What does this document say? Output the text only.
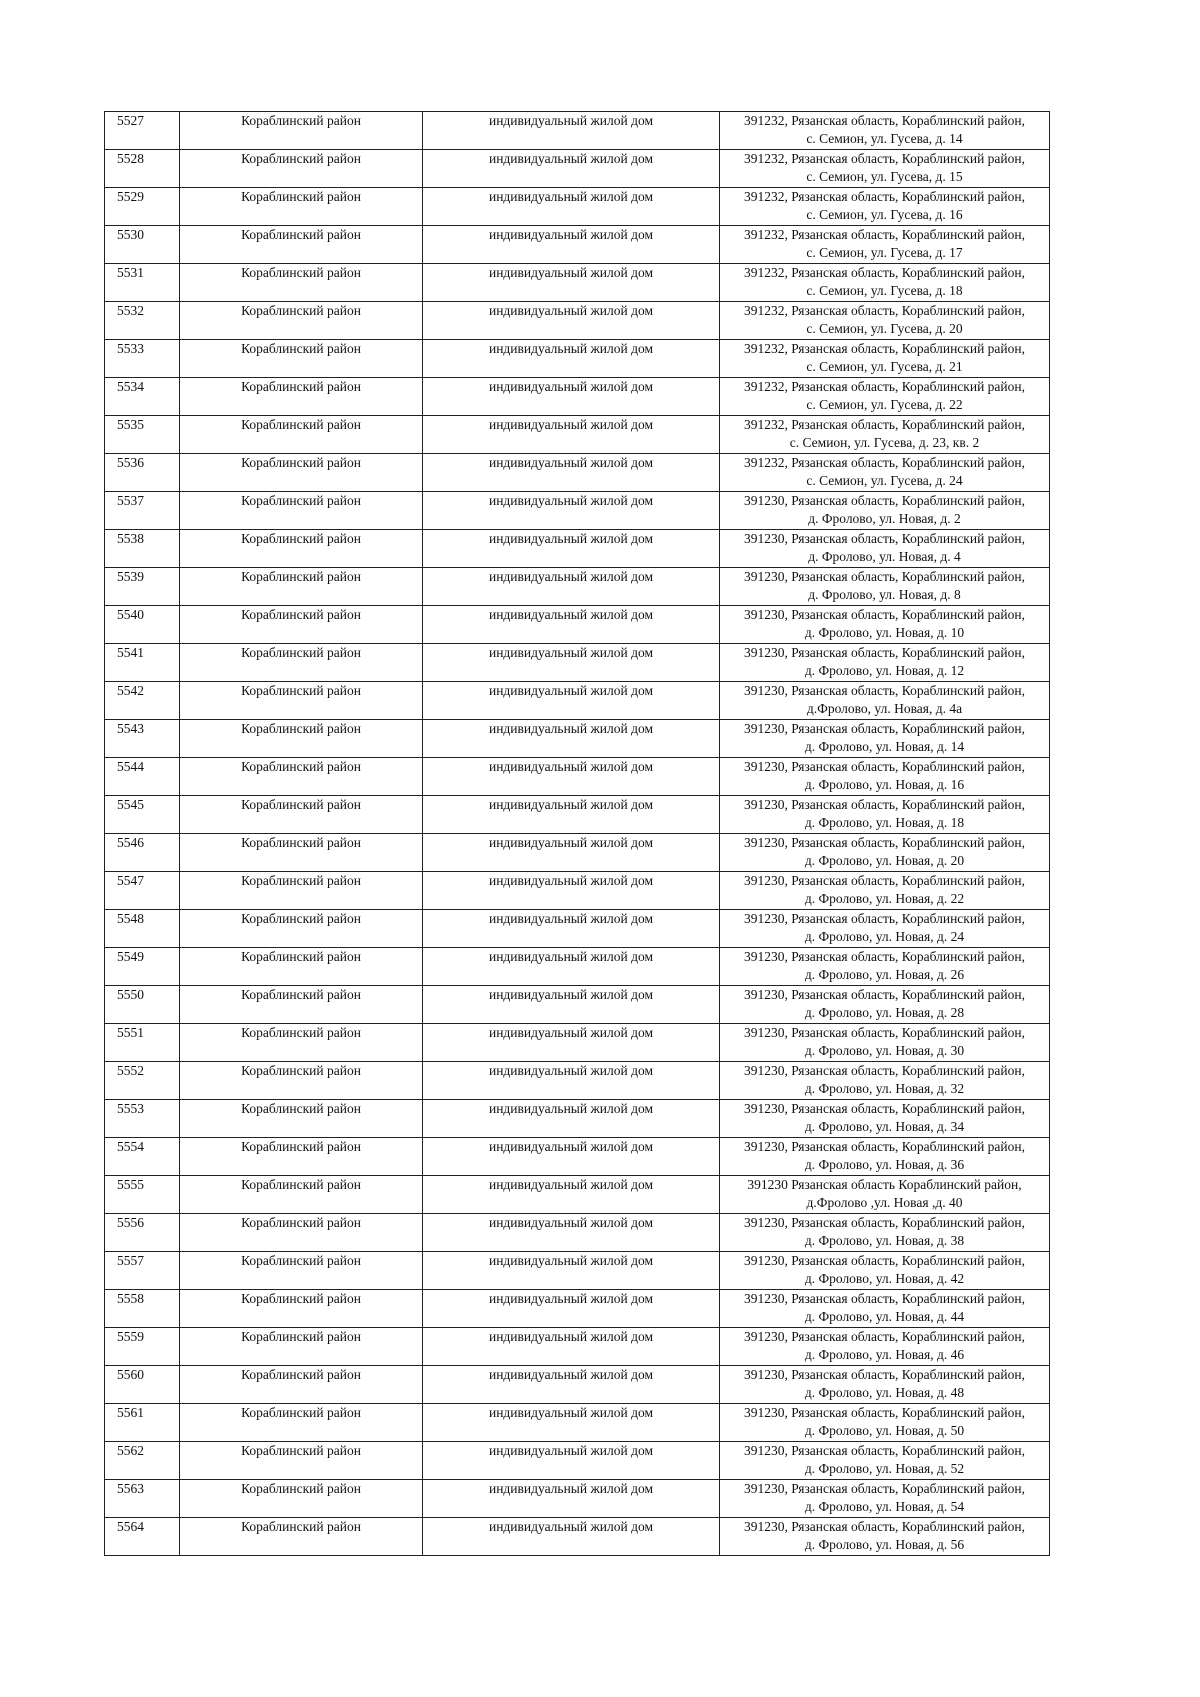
5527	Кораблинский район	индивидуальный жилой дом	391232, Рязанская область, Кораблинский район,
с. Семион, ул. Гусева, д. 14

5528	Кораблинский район	индивидуальный жилой дом	391232, Рязанская область, Кораблинский район,
с. Семион, ул. Гусева, д. 15

5529	Кораблинский район	индивидуальный жилой дом	391232, Рязанская область, Кораблинский район,
с. Семион, ул. Гусева, д. 16

5530	Кораблинский район	индивидуальный жилой дом	391232, Рязанская область, Кораблинский район,
с. Семион, ул. Гусева, д. 17

5531	Кораблинский район	индивидуальный жилой дом	391232, Рязанская область, Кораблинский район,
с. Семион, ул. Гусева, д. 18

5532	Кораблинский район	индивидуальный жилой дом	391232, Рязанская область, Кораблинский район,
с. Семион, ул. Гусева, д. 20

5533	Кораблинский район	индивидуальный жилой дом	391232, Рязанская область, Кораблинский район,
с. Семион, ул. Гусева, д. 21

5534	Кораблинский район	индивидуальный жилой дом	391232, Рязанская область, Кораблинский район,
с. Семион, ул. Гусева, д. 22

5535	Кораблинский район	индивидуальный жилой дом	391232, Рязанская область, Кораблинский район,
с. Семион, ул. Гусева, д. 23, кв. 2

5536	Кораблинский район	индивидуальный жилой дом	391232, Рязанская область, Кораблинский район,
с. Семион, ул. Гусева, д. 24

5537	Кораблинский район	индивидуальный жилой дом	391230, Рязанская область, Кораблинский район,
д. Фролово, ул. Новая, д. 2

5538	Кораблинский район	индивидуальный жилой дом	391230, Рязанская область, Кораблинский район,
д. Фролово, ул. Новая, д. 4

5539	Кораблинский район	индивидуальный жилой дом	391230, Рязанская область, Кораблинский район,
д. Фролово, ул. Новая, д. 8

5540	Кораблинский район	индивидуальный жилой дом	391230, Рязанская область, Кораблинский район,
д. Фролово, ул. Новая, д. 10

5541	Кораблинский район	индивидуальный жилой дом	391230, Рязанская область, Кораблинский район,
д. Фролово, ул. Новая, д. 12

5542	Кораблинский район	индивидуальный жилой дом	391230, Рязанская область, Кораблинский район,
д.Фролово, ул. Новая, д. 4а

5543	Кораблинский район	индивидуальный жилой дом	391230, Рязанская область, Кораблинский район,
д. Фролово, ул. Новая, д. 14

5544	Кораблинский район	индивидуальный жилой дом	391230, Рязанская область, Кораблинский район,
д. Фролово, ул. Новая, д. 16

5545	Кораблинский район	индивидуальный жилой дом	391230, Рязанская область, Кораблинский район,
д. Фролово, ул. Новая, д. 18

5546	Кораблинский район	индивидуальный жилой дом	391230, Рязанская область, Кораблинский район,
д. Фролово, ул. Новая, д. 20

5547	Кораблинский район	индивидуальный жилой дом	391230, Рязанская область, Кораблинский район,
д. Фролово, ул. Новая, д. 22

5548	Кораблинский район	индивидуальный жилой дом	391230, Рязанская область, Кораблинский район,
д. Фролово, ул. Новая, д. 24

5549	Кораблинский район	индивидуальный жилой дом	391230, Рязанская область, Кораблинский район,
д. Фролово, ул. Новая, д. 26

5550	Кораблинский район	индивидуальный жилой дом	391230, Рязанская область, Кораблинский район,
д. Фролово, ул. Новая, д. 28

5551	Кораблинский район	индивидуальный жилой дом	391230, Рязанская область, Кораблинский район,
д. Фролово, ул. Новая, д. 30

5552	Кораблинский район	индивидуальный жилой дом	391230, Рязанская область, Кораблинский район,
д. Фролово, ул. Новая, д. 32

5553	Кораблинский район	индивидуальный жилой дом	391230, Рязанская область, Кораблинский район,
д. Фролово, ул. Новая, д. 34

5554	Кораблинский район	индивидуальный жилой дом	391230, Рязанская область, Кораблинский район,
д. Фролово, ул. Новая, д. 36

5555	Кораблинский район	индивидуальный жилой дом	391230 Рязанская область Кораблинский район,
д.Фролово ,ул. Новая ,д. 40

5556	Кораблинский район	индивидуальный жилой дом	391230, Рязанская область, Кораблинский район,
д. Фролово, ул. Новая, д. 38

5557	Кораблинский район	индивидуальный жилой дом	391230, Рязанская область, Кораблинский район,
д. Фролово, ул. Новая, д. 42

5558	Кораблинский район	индивидуальный жилой дом	391230, Рязанская область, Кораблинский район,
д. Фролово, ул. Новая, д. 44

5559	Кораблинский район	индивидуальный жилой дом	391230, Рязанская область, Кораблинский район,
д. Фролово, ул. Новая, д. 46

5560	Кораблинский район	индивидуальный жилой дом	391230, Рязанская область, Кораблинский район,
д. Фролово, ул. Новая, д. 48

5561	Кораблинский район	индивидуальный жилой дом	391230, Рязанская область, Кораблинский район,
д. Фролово, ул. Новая, д. 50

5562	Кораблинский район	индивидуальный жилой дом	391230, Рязанская область, Кораблинский район,
д. Фролово, ул. Новая, д. 52

5563	Кораблинский район	индивидуальный жилой дом	391230, Рязанская область, Кораблинский район,
д. Фролово, ул. Новая, д. 54

5564	Кораблинский район	индивидуальный жилой дом	391230, Рязанская область, Кораблинский район,
д. Фролово, ул. Новая, д. 56
